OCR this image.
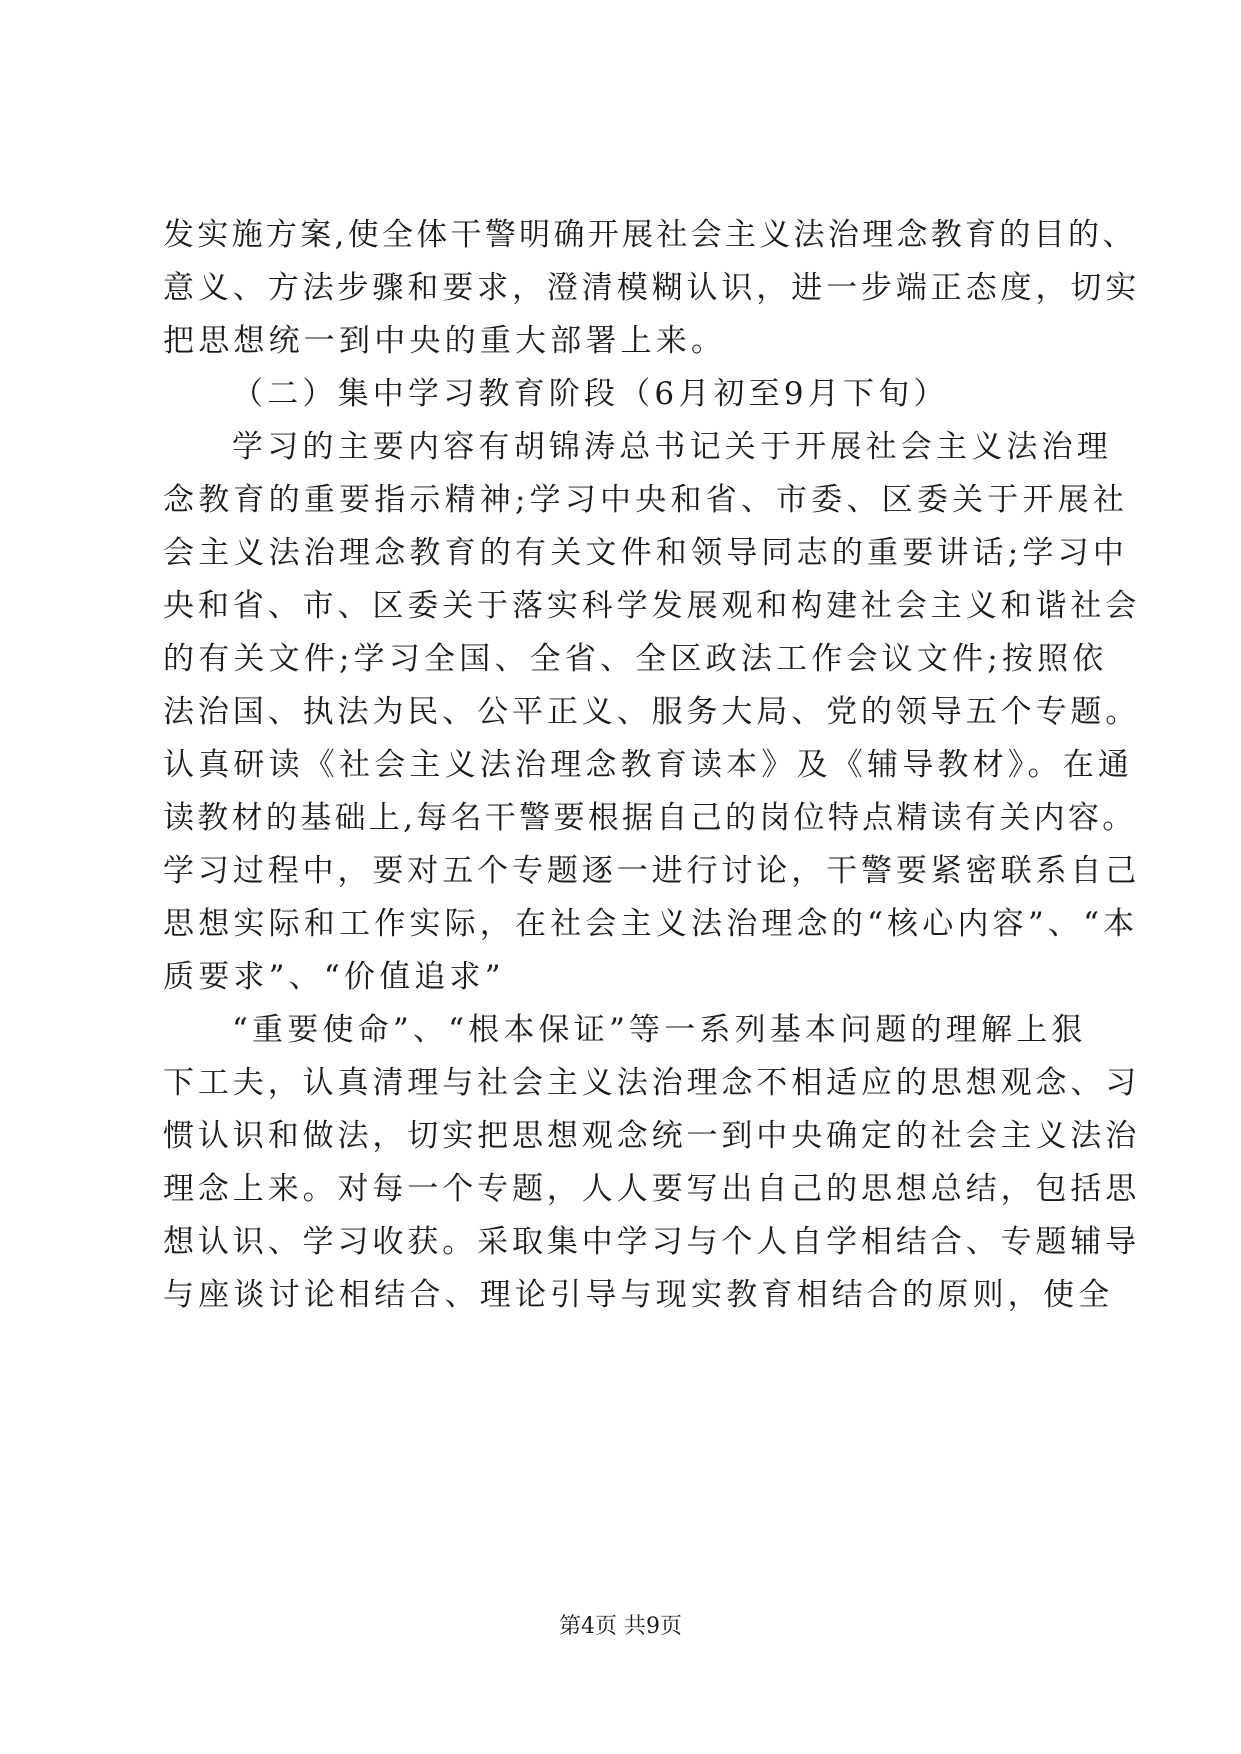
发实施方案,使全体干警明确开展社会主义法治理念教育的目的、

意义、方法步骤和要求，澄清模糊认识，进一步端正态度，切实

把思想统一到中央的重大部署上来。

（二）集中学习教育阶段（6月初至9月下旬）

学习的主要内容有胡锦涛总书记关于开展社会主义法治理

念教育的重要指示精神;学习中央和省、市委、区委关于开展社

会主义法治理念教育的有关文件和领导同志的重要讲话;学习中

央和省、市、区委关于落实科学发展观和构建社会主义和谐社会

的有关文件;学习全国、全省、全区政法工作会议文件;按照依

法治国、执法为民、公平正义、服务大局、党的领导五个专题。

认真研读《社会主义法治理念教育读本》及《辅导教材》。在通

读教材的基础上,每名干警要根据自己的岗位特点精读有关内容。

学习过程中，要对五个专题逐一进行讨论，干警要紧密联系自己

思想实际和工作实际，在社会主义法治理念的“核心内容”、“本

质要求”、“价值追求”

“重要使命”、“根本保证”等一系列基本问题的理解上狠

下工夫，认真清理与社会主义法治理念不相适应的思想观念、习

惯认识和做法，切实把思想观念统一到中央确定的社会主义法治

理念上来。对每一个专题，人人要写出自己的思想总结，包括思

想认识、学习收获。采取集中学习与个人自学相结合、专题辅导

与座谈讨论相结合、理论引导与现实教育相结合的原则，使全

第4页 共9页
